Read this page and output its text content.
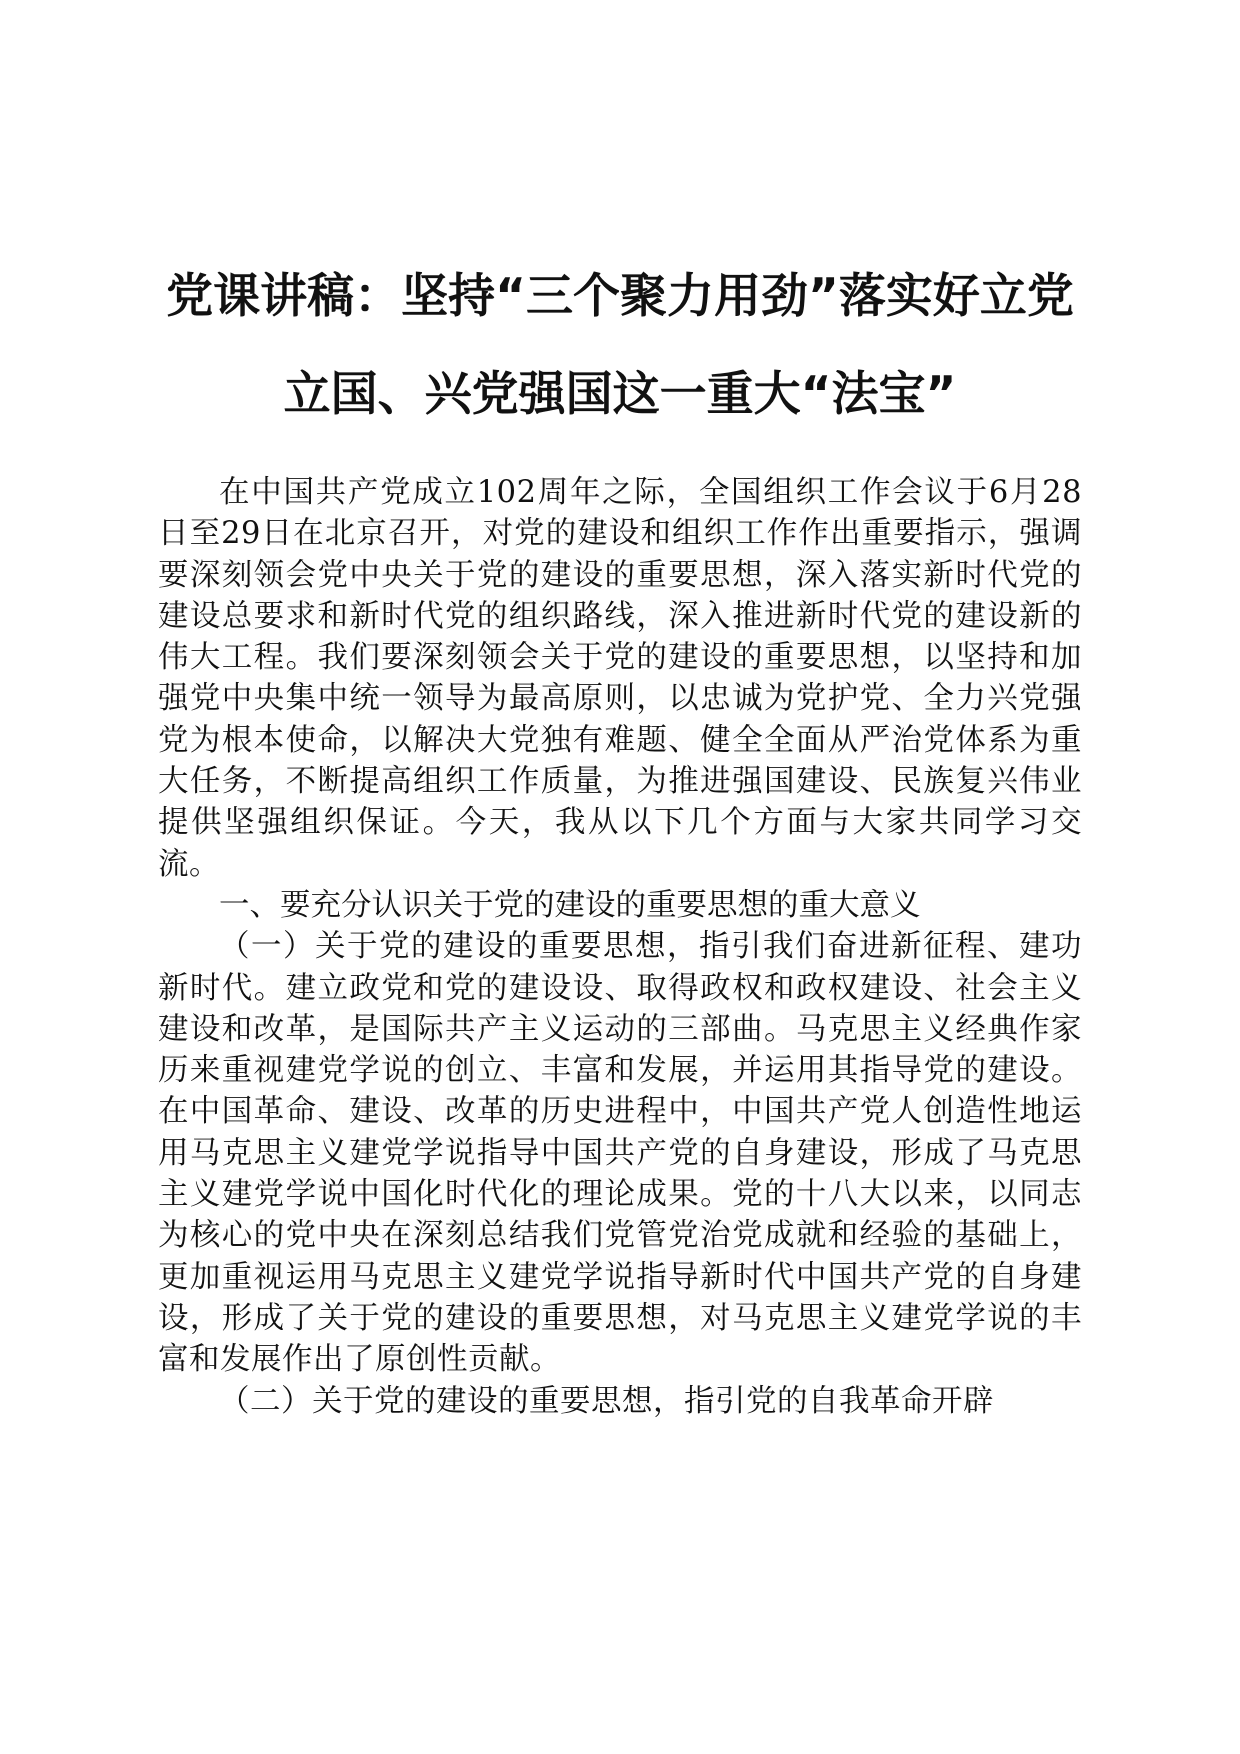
党课讲稿：坚持“三个聚力用劲”落实好立党立国、兴党强国这一重大“法宝”

在中国共产党成立102周年之际，全国组织工作会议于6月28日至29日在北京召开，对党的建设和组织工作作出重要指示，强调要深刻领会党中央关于党的建设的重要思想，深入落实新时代党的建设总要求和新时代党的组织路线，深入推进新时代党的建设新的伟大工程。我们要深刻领会关于党的建设的重要思想，以坚持和加强党中央集中统一领导为最高原则，以忠诚为党护党、全力兴党强党为根本使命，以解决大党独有难题、健全全面从严治党体系为重大任务，不断提高组织工作质量，为推进强国建设、民族复兴伟业提供坚强组织保证。今天，我从以下几个方面与大家共同学习交流。

一、要充分认识关于党的建设的重要思想的重大意义

（一）关于党的建设的重要思想，指引我们奋进新征程、建功新时代。建立政党和党的建设设、取得政权和政权建设、社会主义建设和改革，是国际共产主义运动的三部曲。马克思主义经典作家历来重视建党学说的创立、丰富和发展，并运用其指导党的建设。在中国革命、建设、改革的历史进程中，中国共产党人创造性地运用马克思主义建党学说指导中国共产党的自身建设，形成了马克思主义建党学说中国化时代化的理论成果。党的十八大以来，以同志为核心的党中央在深刻总结我们党管党治党成就和经验的基础上，更加重视运用马克思主义建党学说指导新时代中国共产党的自身建设，形成了关于党的建设的重要思想，对马克思主义建党学说的丰富和发展作出了原创性贡献。

（二）关于党的建设的重要思想，指引党的自我革命开辟
